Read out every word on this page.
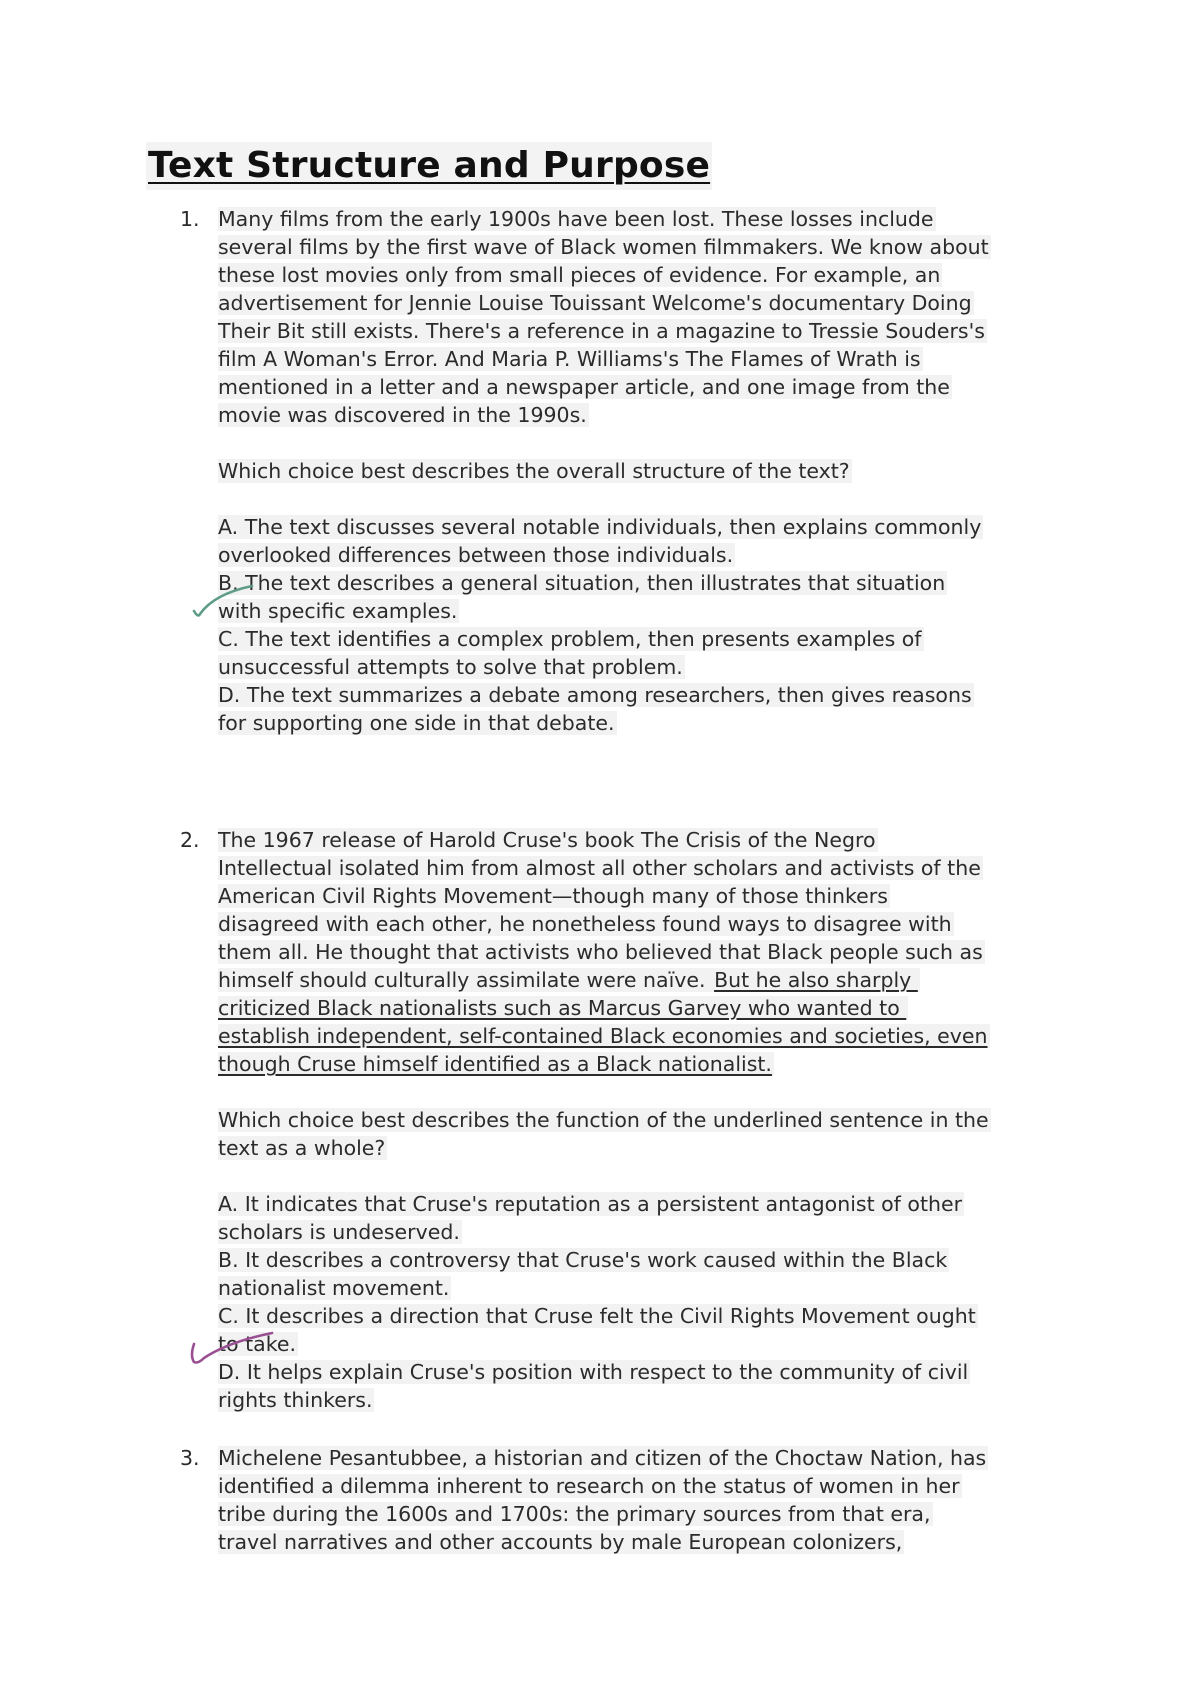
Text Structure and Purpose
1. Many films from the early 1900s have been lost. These losses include
several films by the first wave of Black women filmmakers. We know about
these lost movies only from small pieces of evidence. For example, an
advertisement for Jennie Louise Touissant Welcome's documentary Doing
Their Bit still exists. There's a reference in a magazine to Tressie Souders's
film A Woman's Error. And Maria P. Williams's The Flames of Wrath is
mentioned in a letter and a newspaper article, and one image from the
movie was discovered in the 1990s.
Which choice best describes the overall structure of the text?
A. The text discusses several notable individuals, then explains commonly
overlooked differences between those individuals.
B. The text describes a general situation, then illustrates that situation
with specific examples.
C. The text identifies a complex problem, then presents examples of
unsuccessful attempts to solve that problem.
D. The text summarizes a debate among researchers, then gives reasons
for supporting one side in that debate.
2. The 1967 release of Harold Cruse's book The Crisis of the Negro
Intellectual isolated him from almost all other scholars and activists of the
American Civil Rights Movement—though many of those thinkers
disagreed with each other, he nonetheless found ways to disagree with
them all. He thought that activists who believed that Black people such as
himself should culturally assimilate were naïve. But he also sharply
criticized Black nationalists such as Marcus Garvey who wanted to
establish independent, self-contained Black economies and societies, even
though Cruse himself identified as a Black nationalist.
Which choice best describes the function of the underlined sentence in the
text as a whole?
A. It indicates that Cruse's reputation as a persistent antagonist of other
scholars is undeserved.
B. It describes a controversy that Cruse's work caused within the Black
nationalist movement.
C. It describes a direction that Cruse felt the Civil Rights Movement ought
to take.
D. It helps explain Cruse's position with respect to the community of civil
rights thinkers.
3. Michelene Pesantubbee, a historian and citizen of the Choctaw Nation, has
identified a dilemma inherent to research on the status of women in her
tribe during the 1600s and 1700s: the primary sources from that era,
travel narratives and other accounts by male European colonizers,
